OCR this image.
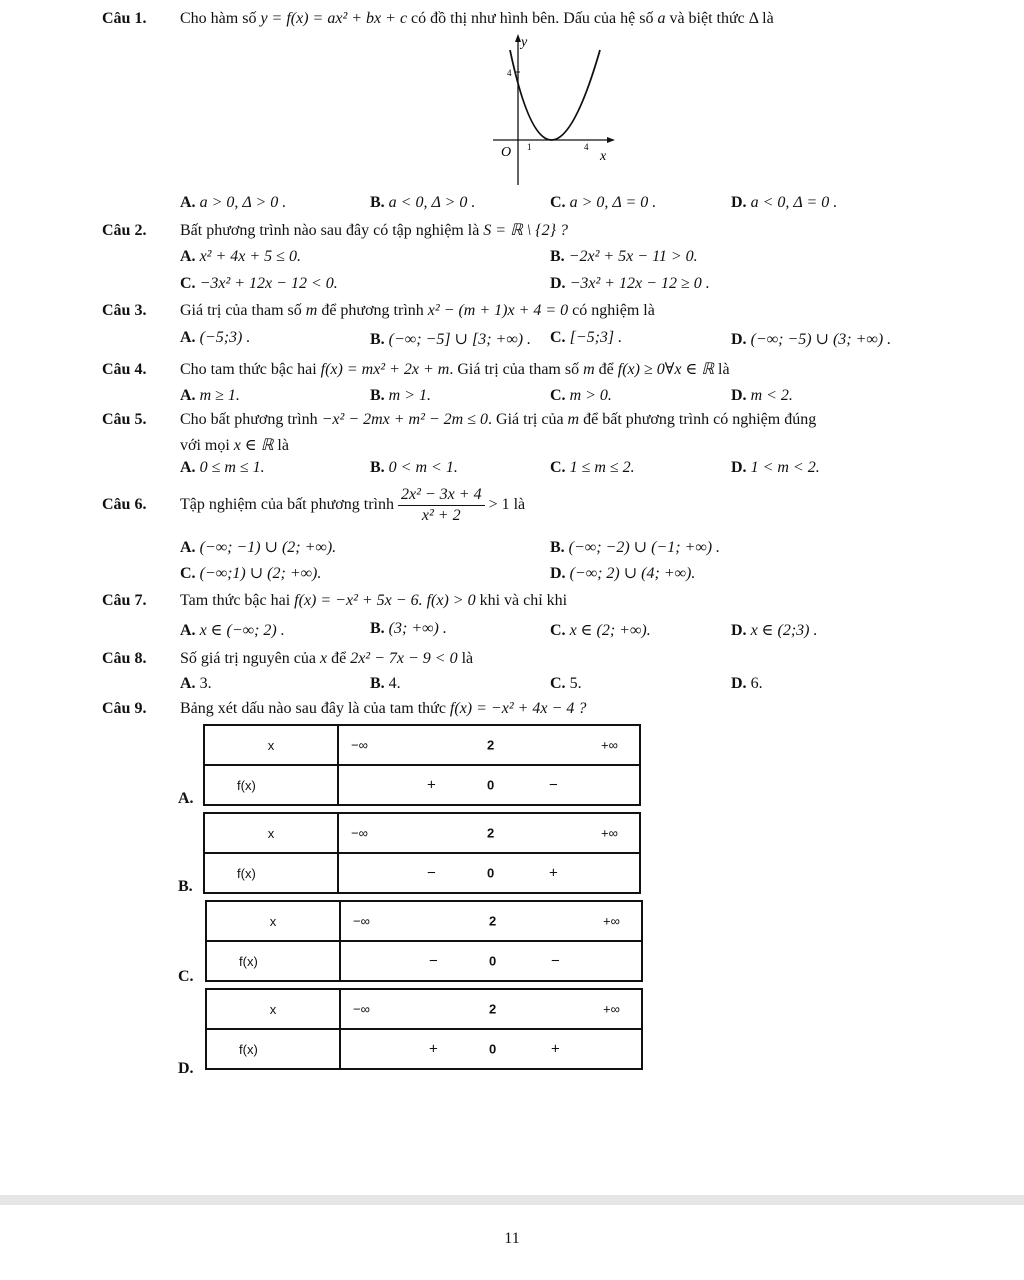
Câu 1. Cho hàm số y = f(x) = ax² + bx + c có đồ thị như hình bên. Dấu của hệ số a và biệt thức Δ là
y
O	x
1	4
4
A. a > 0, Δ > 0 .	B. a < 0, Δ > 0 .	C. a > 0, Δ = 0 .	D. a < 0, Δ = 0 .
Câu 2. Bất phương trình nào sau đây có tập nghiệm là S = ℝ \ {2} ?
A. x² + 4x + 5 ≤ 0.	B. −2x² + 5x − 11 > 0.
C. −3x² + 12x − 12 < 0.	D. −3x² + 12x − 12 ≥ 0 .
Câu 3. Giá trị của tham số m để phương trình x² − (m + 1)x + 4 = 0 có nghiệm là
A. (−5;3) .	B. (−∞; −5] ∪ [3; +∞) . C. [−5;3] .	D. (−∞; −5) ∪ (3; +∞) .
Câu 4. Cho tam thức bậc hai f(x) = mx² + 2x + m. Giá trị của tham số m để f(x) ≥ 0∀x ∈ ℝ là
A. m ≥ 1.	B. m > 1.	C. m > 0.	D. m < 2.
Câu 5. Cho bất phương trình −x² − 2mx + m² − 2m ≤ 0. Giá trị của m để bất phương trình có nghiệm đúng
với mọi x ∈ ℝ là
A. 0 ≤ m ≤ 1.	B. 0 < m < 1.	C. 1 ≤ m ≤ 2.	D. 1 < m < 2.
Câu 6. Tập nghiệm của bất phương trình $\frac{\text{2x² − 3x + 4}}{\text{x² + 2}} > 1$ là
A. (−∞; −1) ∪ (2; +∞).	B. (−∞; −2) ∪ (−1; +∞) .
C. (−∞;1) ∪ (2; +∞).	D. (−∞; 2) ∪ (4; +∞).
Câu 7. Tam thức bậc hai f(x) = −x² + 5x − 6. f(x) > 0 khi và chỉ khi
A. x ∈ (−∞; 2) .	B. (3; +∞) .	C. x ∈ (2; +∞).	D. x ∈ (2;3) .
Câu 8. Số giá trị nguyên của x để 2x² − 7x − 9 < 0 là
A. 3.	B. 4.	C. 5.	D. 6.
Câu 9. Bảng xét dấu nào sau đây là của tam thức f(x) = −x² + 4x − 4 ?
A.
x	−∞ 2 +∞

f(x)	+ 0 −
B.
x	−∞ 2 +∞

f(x)	− 0 +
C.
x	−∞ 2 +∞

f(x)	− 0 −
D.
x	−∞ 2 +∞

f(x)	+ 0 +
11
